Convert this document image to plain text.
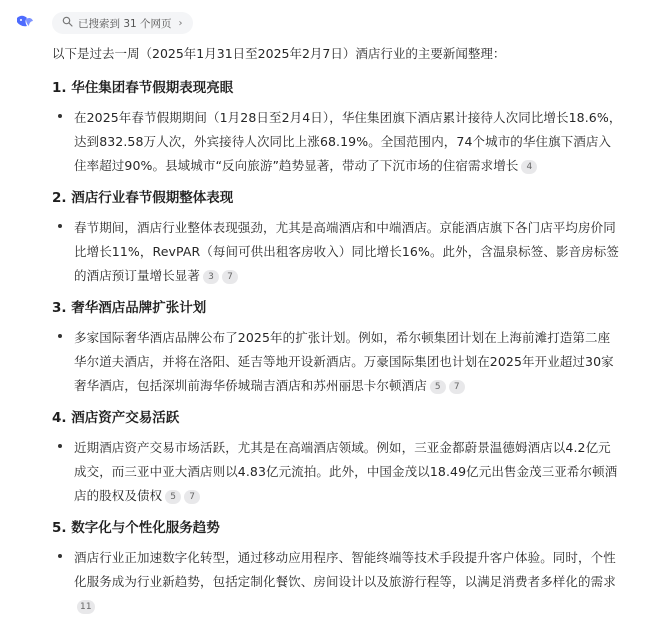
已搜索到 31 个网页 ›

以下是过去一周（2025年1月31日至2025年2月7日）酒店行业的主要新闻整理：

1. 华住集团春节假期表现亮眼
在2025年春节假期期间（1月28日至2月4日），华住集团旗下酒店累计接待人次同比增长18.6%，达到832.58万人次，外宾接待人次同比上涨68.19%。全国范围内，74个城市的华住旗下酒店入住率超过90%。县域城市“反向旅游”趋势显著，带动了下沉市场的住宿需求增长 4
2. 酒店行业春节假期整体表现
春节期间，酒店行业整体表现强劲，尤其是高端酒店和中端酒店。京能酒店旗下各门店平均房价同比增长11%，RevPAR（每间可供出租客房收入）同比增长16%。此外，含温泉标签、影音房标签的酒店预订量增长显著 3 7
3. 奢华酒店品牌扩张计划
多家国际奢华酒店品牌公布了2025年的扩张计划。例如，希尔顿集团计划在上海前滩打造第二座华尔道夫酒店，并将在洛阳、延吉等地开设新酒店。万豪国际集团也计划在2025年开业超过30家奢华酒店，包括深圳前海华侨城瑞吉酒店和苏州丽思卡尔顿酒店 5 7
4. 酒店资产交易活跃
近期酒店资产交易市场活跃，尤其是在高端酒店领域。例如，三亚金都蔚景温德姆酒店以4.2亿元成交，而三亚中亚大酒店则以4.83亿元流拍。此外，中国金茂以18.49亿元出售金茂三亚希尔顿酒店的股权及债权 5 7
5. 数字化与个性化服务趋势
酒店行业正加速数字化转型，通过移动应用程序、智能终端等技术手段提升客户体验。同时，个性化服务成为行业新趋势，包括定制化餐饮、房间设计以及旅游行程等，以满足消费者多样化的需求11
